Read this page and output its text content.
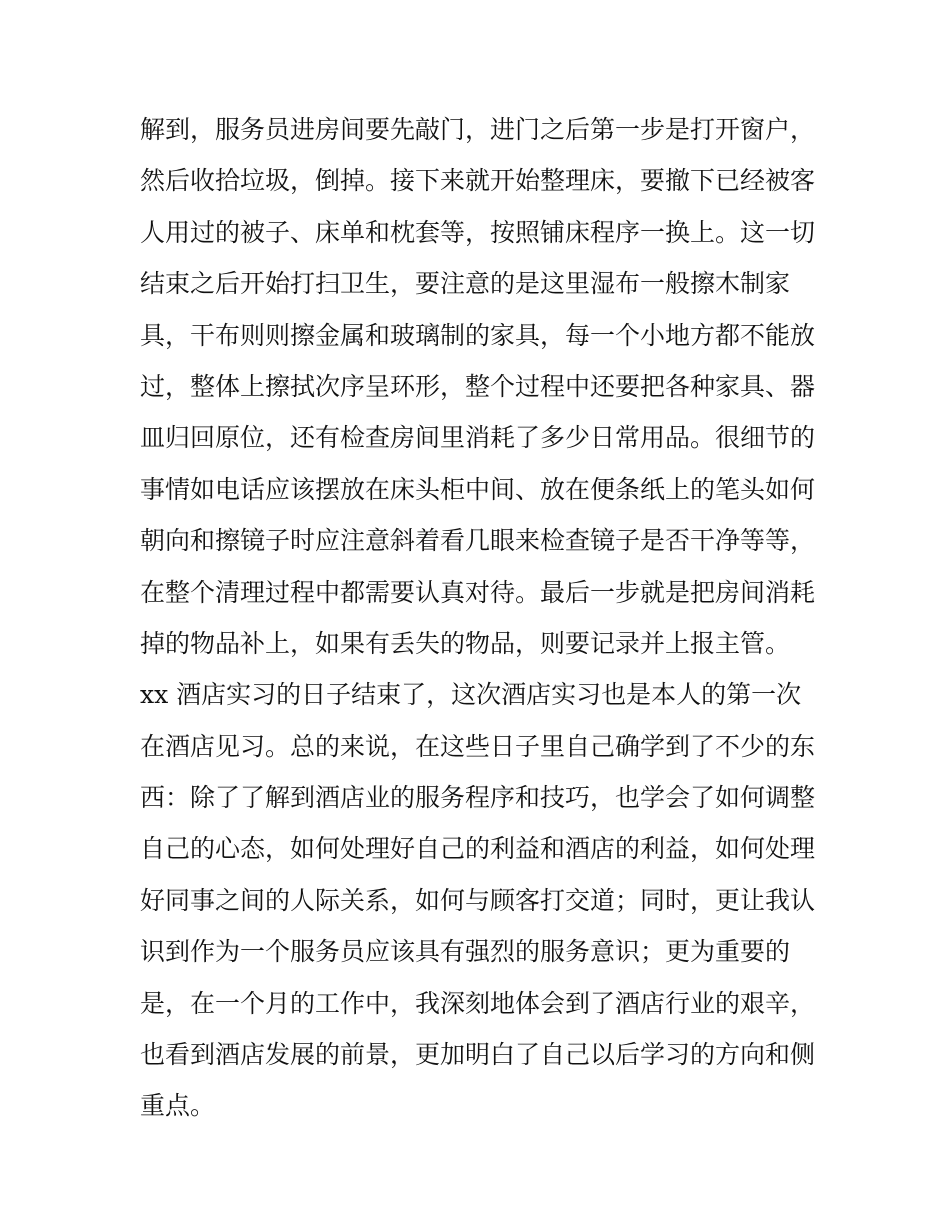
解到，服务员进房间要先敲门，进门之后第一步是打开窗户，
然后收拾垃圾，倒掉。接下来就开始整理床，要撤下已经被客
人用过的被子、床单和枕套等，按照铺床程序一换上。这一切
结束之后开始打扫卫生，要注意的是这里湿布一般擦木制家
具，干布则则擦金属和玻璃制的家具，每一个小地方都不能放
过，整体上擦拭次序呈环形，整个过程中还要把各种家具、器
皿归回原位，还有检查房间里消耗了多少日常用品。很细节的
事情如电话应该摆放在床头柜中间、放在便条纸上的笔头如何
朝向和擦镜子时应注意斜着看几眼来检查镜子是否干净等等，
在整个清理过程中都需要认真对待。最后一步就是把房间消耗
掉的物品补上，如果有丢失的物品，则要记录并上报主管。
xx 酒店实习的日子结束了，这次酒店实习也是本人的第一次
在酒店见习。总的来说，在这些日子里自己确学到了不少的东
西：除了了解到酒店业的服务程序和技巧，也学会了如何调整
自己的心态，如何处理好自己的利益和酒店的利益，如何处理
好同事之间的人际关系，如何与顾客打交道；同时，更让我认
识到作为一个服务员应该具有强烈的服务意识；更为重要的
是，在一个月的工作中，我深刻地体会到了酒店行业的艰辛，
也看到酒店发展的前景，更加明白了自己以后学习的方向和侧
重点。
